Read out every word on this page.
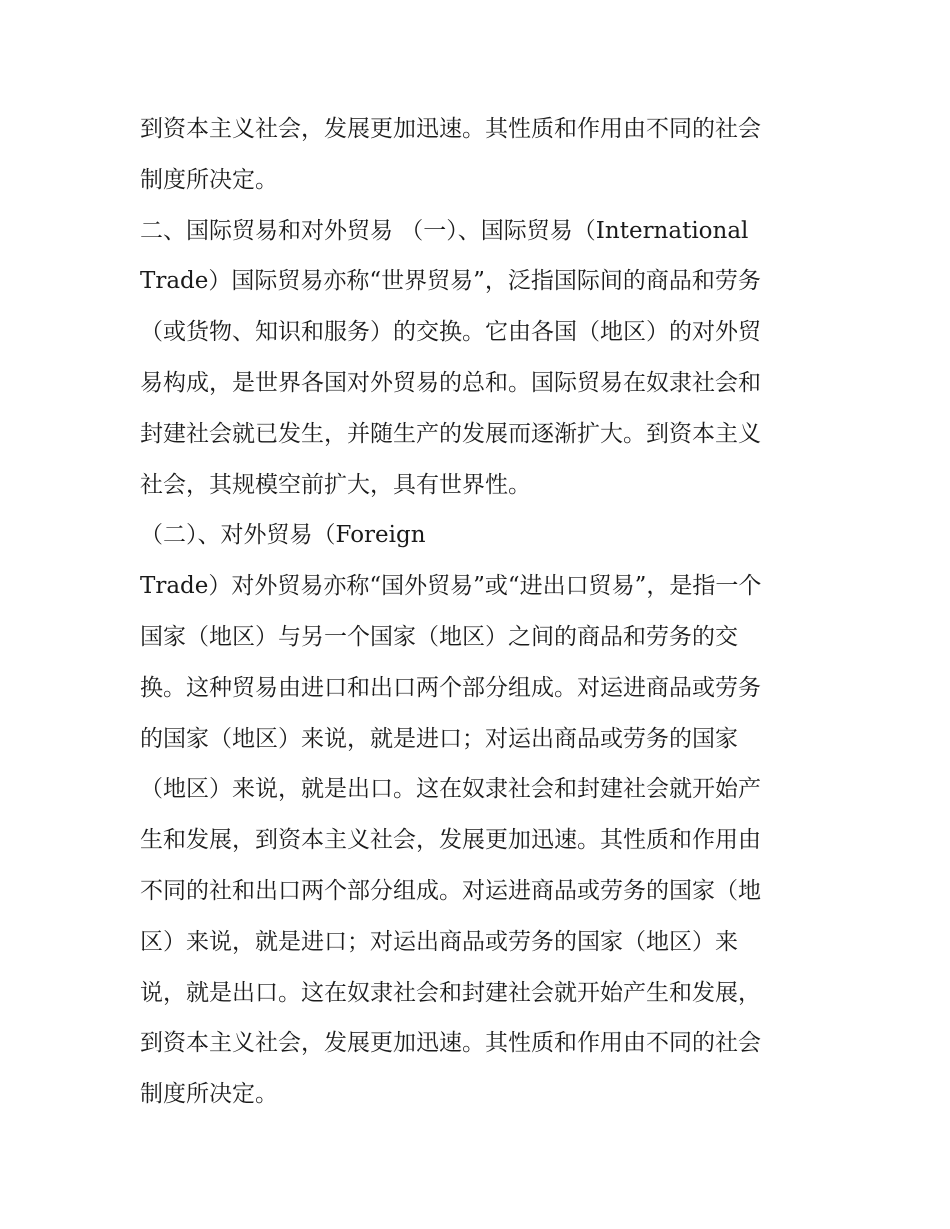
到资本主义社会，发展更加迅速。其性质和作用由不同的社会
制度所决定。
二、国际贸易和对外贸易 （一）、国际贸易（International
Trade）国际贸易亦称“世界贸易”，泛指国际间的商品和劳务
（或货物、知识和服务）的交换。它由各国（地区）的对外贸
易构成，是世界各国对外贸易的总和。国际贸易在奴隶社会和
封建社会就已发生，并随生产的发展而逐渐扩大。到资本主义
社会，其规模空前扩大，具有世界性。
（二）、对外贸易（Foreign
Trade）对外贸易亦称“国外贸易”或“进出口贸易”，是指一个
国家（地区）与另一个国家（地区）之间的商品和劳务的交
换。这种贸易由进口和出口两个部分组成。对运进商品或劳务
的国家（地区）来说，就是进口；对运出商品或劳务的国家
（地区）来说，就是出口。这在奴隶社会和封建社会就开始产
生和发展，到资本主义社会，发展更加迅速。其性质和作用由
不同的社和出口两个部分组成。对运进商品或劳务的国家（地
区）来说，就是进口；对运出商品或劳务的国家（地区）来
说，就是出口。这在奴隶社会和封建社会就开始产生和发展，
到资本主义社会，发展更加迅速。其性质和作用由不同的社会
制度所决定。
